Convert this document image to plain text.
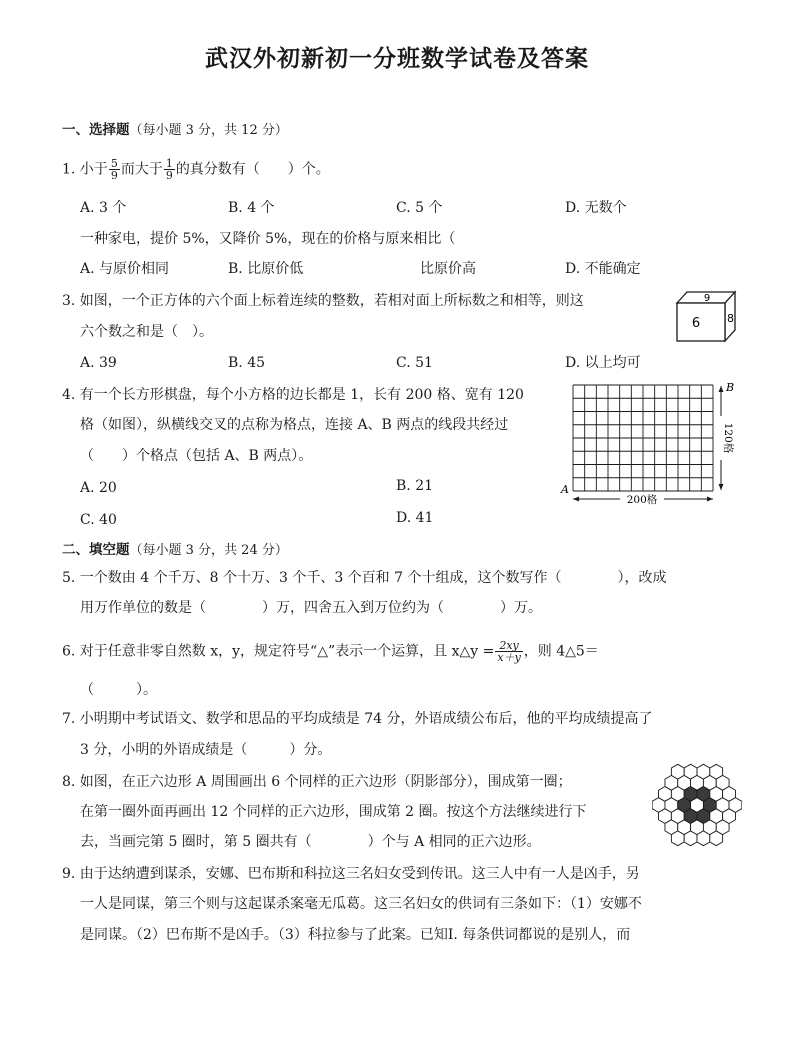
武汉外初新初一分班数学试卷及答案
一、选择题（每小题 3 分，共 12 分）
1. 小于 $\frac{5}{9}$ 而大于 $\frac{1}{9}$ 的真分数有（　　）个。
A. 3 个	B. 4 个	C. 5 个	D. 无数个
一种家电，提价 5%，又降价 5%，现在的价格与原来相比（
A. 与原价相同	B. 比原价低	比原价高	D. 不能确定
3. 如图，一个正方体的六个面上标着连续的整数，若相对面上所标数之和相等，则这
六个数之和是（　）。
A. 39	B. 45	C. 51	D. 以上均可
9
6 8
4. 有一个长方形棋盘，每个小方格的边长都是 1，长有 200 格、宽有 120
格（如图），纵横线交叉的点称为格点，连接 A、B 两点的线段共经过
（　　）个格点（包括 A、B 两点）。
A. 20	B. 21
C. 40	D. 41
200格
120格
A
B
二、填空题（每小题 3 分，共 24 分）
5. 一个数由 4 个千万、8 个十万、3 个千、3 个百和 7 个十组成，这个数写作（　　　　），改成
用万作单位的数是（　　　　）万，四舍五入到万位约为（　　　　）万。
6. 对于任意非零自然数 x，y，规定符号“△”表示一个运算，且 x△y = $\frac{2xy}{x+y}$ ，则 4△5＝
（　　　）。
7. 小明期中考试语文、数学和思品的平均成绩是 74 分，外语成绩公布后，他的平均成绩提高了
3 分，小明的外语成绩是（　　　）分。
8. 如图，在正六边形 A 周围画出 6 个同样的正六边形（阴影部分），围成第一圈；
在第一圈外面再画出 12 个同样的正六边形，围成第 2 圈。按这个方法继续进行下
去，当画完第 5 圈时，第 5 圈共有（　　　　）个与 A 相同的正六边形。
9. 由于达纳遭到谋杀，安娜、巴布斯和科拉这三名妇女受到传讯。这三人中有一人是凶手，另
一人是同谋，第三个则与这起谋杀案毫无瓜葛。这三名妇女的供词有三条如下：（1）安娜不
是同谋。（2）巴布斯不是凶手。（3）科拉参与了此案。已知Ⅰ. 每条供词都说的是别人，而
